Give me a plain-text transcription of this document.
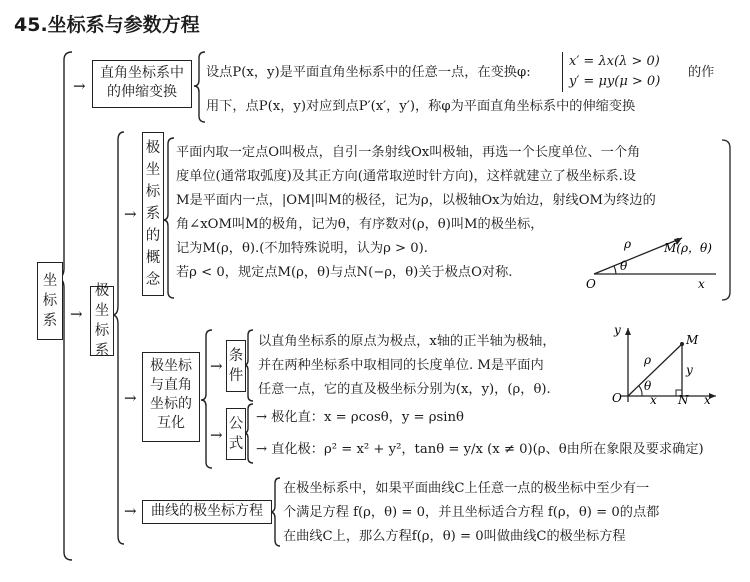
45.坐标系与参数方程
坐标系
→
直角坐标系中的伸缩变换
设点P(x，y)是平面直角坐标系中的任意一点，在变换φ:
x′ = λx(λ > 0)
y′ = μy(μ > 0)
的作
用下，点P(x，y)对应到点P′(x′，y′)，称φ为平面直角坐标系中的伸缩变换
→
极坐标系
→
极坐标系的概念
平面内取一定点O叫极点，自引一条射线Ox叫极轴，再选一个长度单位、一个角
度单位(通常取弧度)及其正方向(通常取逆时针方向)，这样就建立了极坐标系.设
M是平面内一点，|OM|叫M的极径，记为ρ，以极轴Ox为始边，射线OM为终边的
角∠xOM叫M的极角，记为θ，有序数对(ρ，θ)叫M的极坐标，
记为M(ρ，θ).(不加特殊说明，认为ρ > 0).
若ρ < 0，规定点M(ρ，θ)与点N(−ρ，θ)关于极点O对称.
O	x
ρ
θ
M(ρ，θ)
→
极坐标与直角坐标的互化
→
条件
以直角坐标系的原点为极点，x轴的正半轴为极轴，
并在两种坐标系中取相同的长度单位. M是平面内
任意一点，它的直及极坐标分别为(x，y)，(ρ，θ).
y
M
ρ
y
θ
O x N x
→
公式
→ 极化直：x = ρcosθ，y = ρsinθ
→ 直化极：ρ² = x² + y²，tanθ = y/x (x ≠ 0)(ρ、θ由所在象限及要求确定)
→	曲线的极坐标方程
在极坐标系中，如果平面曲线C上任意一点的极坐标中至少有一
个满足方程 f(ρ，θ) = 0，并且坐标适合方程 f(ρ，θ) = 0的点都
在曲线C上，那么方程f(ρ，θ) = 0叫做曲线C的极坐标方程
